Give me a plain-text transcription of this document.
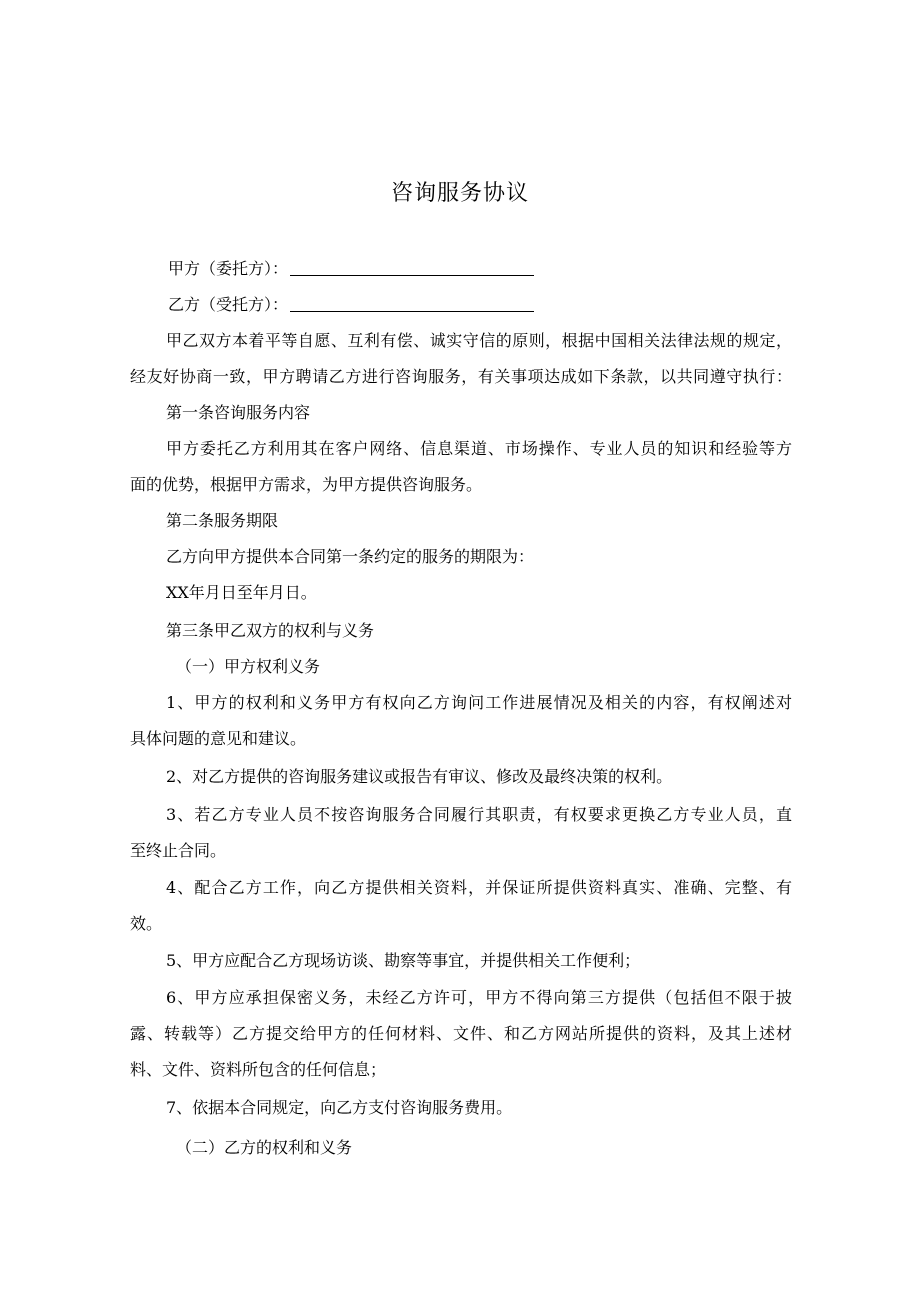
咨询服务协议
甲方（委托方）：
乙方（受托方）：
甲乙双方本着平等自愿、互利有偿、诚实守信的原则，根据中国相关法律法规的规定，
经友好协商一致，甲方聘请乙方进行咨询服务，有关事项达成如下条款，以共同遵守执行：
第一条咨询服务内容
甲方委托乙方利用其在客户网络、信息渠道、市场操作、专业人员的知识和经验等方
面的优势，根据甲方需求，为甲方提供咨询服务。
第二条服务期限
乙方向甲方提供本合同第一条约定的服务的期限为：
XX年月日至年月日。
第三条甲乙双方的权利与义务
（一）甲方权利义务
1、甲方的权利和义务甲方有权向乙方询问工作进展情况及相关的内容，有权阐述对
具体问题的意见和建议。
2、对乙方提供的咨询服务建议或报告有审议、修改及最终决策的权利。
3、若乙方专业人员不按咨询服务合同履行其职责，有权要求更换乙方专业人员，直
至终止合同。
4、配合乙方工作，向乙方提供相关资料，并保证所提供资料真实、准确、完整、有
效。
5、甲方应配合乙方现场访谈、勘察等事宜，并提供相关工作便利；
6、甲方应承担保密义务，未经乙方许可，甲方不得向第三方提供（包括但不限于披
露、转载等）乙方提交给甲方的任何材料、文件、和乙方网站所提供的资料，及其上述材
料、文件、资料所包含的任何信息；
7、依据本合同规定，向乙方支付咨询服务费用。
（二）乙方的权利和义务
